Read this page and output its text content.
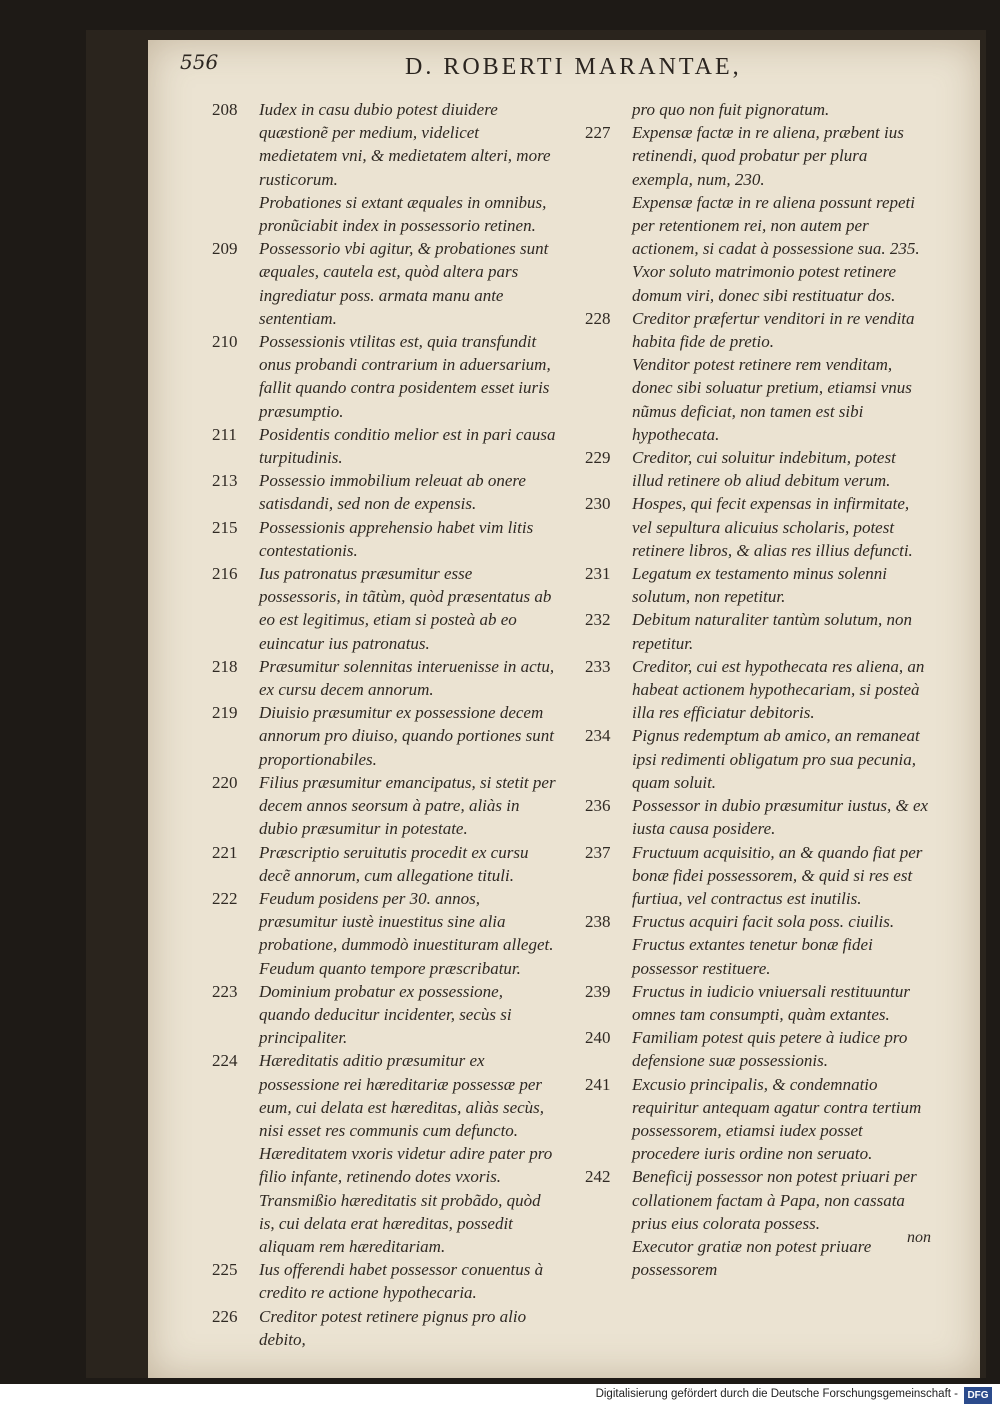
556	D. ROBERTI MARANTAE,
208 Iudex in casu dubio potest diuidere quæstionẽ per medium, videlicet medietatem vni, & medietatem alteri, more rusticorum.
Probationes si extant æquales in omnibus, pronũciabit index in possessorio retinen.
209 Possessorio vbi agitur, & probationes sunt æquales, cautela est, quòd altera pars ingrediatur poss. armata manu ante sententiam.
210 Possessionis vtilitas est, quia transfundit onus probandi contrarium in aduersarium, fallit quando contra posidentem esset iuris præsumptio.
211 Posidentis conditio melior est in pari causa turpitudinis.
213 Possessio immobilium releuat ab onere satisdandi, sed non de expensis.
215 Possessionis apprehensio habet vim litis contestationis.
216 Ius patronatus præsumitur esse possessoris, in tãtùm, quòd præsentatus ab eo est legitimus, etiam si posteà ab eo euincatur ius patronatus.
218 Præsumitur solennitas interuenisse in actu, ex cursu decem annorum.
219 Diuisio præsumitur ex possessione decem annorum pro diuiso, quando portiones sunt proportionabiles.
220 Filius præsumitur emancipatus, si stetit per decem annos seorsum à patre, aliàs in dubio præsumitur in potestate.
221 Præscriptio seruitutis procedit ex cursu decẽ annorum, cum allegatione tituli.
222 Feudum posidens per 30. annos, præsumitur iustè inuestitus sine alia probatione, dummodò inuestituram alleget.
Feudum quanto tempore præscribatur.
223 Dominium probatur ex possessione, quando deducitur incidenter, secùs si principaliter.
224 Hæreditatis aditio præsumitur ex possessione rei hæreditariæ possessæ per eum, cui delata est hæreditas, aliàs secùs, nisi esset res communis cum defuncto.
Hæreditatem vxoris videtur adire pater pro filio infante, retinendo dotes vxoris.
Transmißio hæreditatis sit probãdo, quòd is, cui delata erat hæreditas, possedit aliquam rem hæreditariam.
225 Ius offerendi habet possessor conuentus à credito re actione hypothecaria.
226 Creditor potest retinere pignus pro alio debito,
pro quo non fuit pignoratum.
227 Expensæ factæ in re aliena, præbent ius retinendi, quod probatur per plura exempla, num, 230.
Expensæ factæ in re aliena possunt repeti per retentionem rei, non autem per actionem, si cadat à possessione sua. 235.
Vxor soluto matrimonio potest retinere domum viri, donec sibi restituatur dos.
228 Creditor præfertur venditori in re vendita habita fide de pretio.
Venditor potest retinere rem venditam, donec sibi soluatur pretium, etiamsi vnus nũmus deficiat, non tamen est sibi hypothecata.
229 Creditor, cui soluitur indebitum, potest illud retinere ob aliud debitum verum.
230 Hospes, qui fecit expensas in infirmitate, vel sepultura alicuius scholaris, potest retinere libros, & alias res illius defuncti.
231 Legatum ex testamento minus solenni solutum, non repetitur.
232 Debitum naturaliter tantùm solutum, non repetitur.
233 Creditor, cui est hypothecata res aliena, an habeat actionem hypothecariam, si posteà illa res efficiatur debitoris.
234 Pignus redemptum ab amico, an remaneat ipsi redimenti obligatum pro sua pecunia, quam soluit.
236 Possessor in dubio præsumitur iustus, & ex iusta causa posidere.
237 Fructuum acquisitio, an & quando fiat per bonæ fidei possessorem, & quid si res est furtiua, vel contractus est inutilis.
238 Fructus acquiri facit sola poss. ciuilis.
Fructus extantes tenetur bonæ fidei possessor restituere.
239 Fructus in iudicio vniuersali restituuntur omnes tam consumpti, quàm extantes.
240 Familiam potest quis petere à iudice pro defensione suæ possessionis.
241 Excusio principalis, & condemnatio requiritur antequam agatur contra tertium possessorem, etiamsi iudex posset procedere iuris ordine non seruato.
242 Beneficij possessor non potest priuari per collationem factam à Papa, non cassata prius eius colorata possess.
Executor gratiæ non potest priuare possessorem
non
Digitalisierung gefördert durch die Deutsche Forschungsgemeinschaft - DFG
